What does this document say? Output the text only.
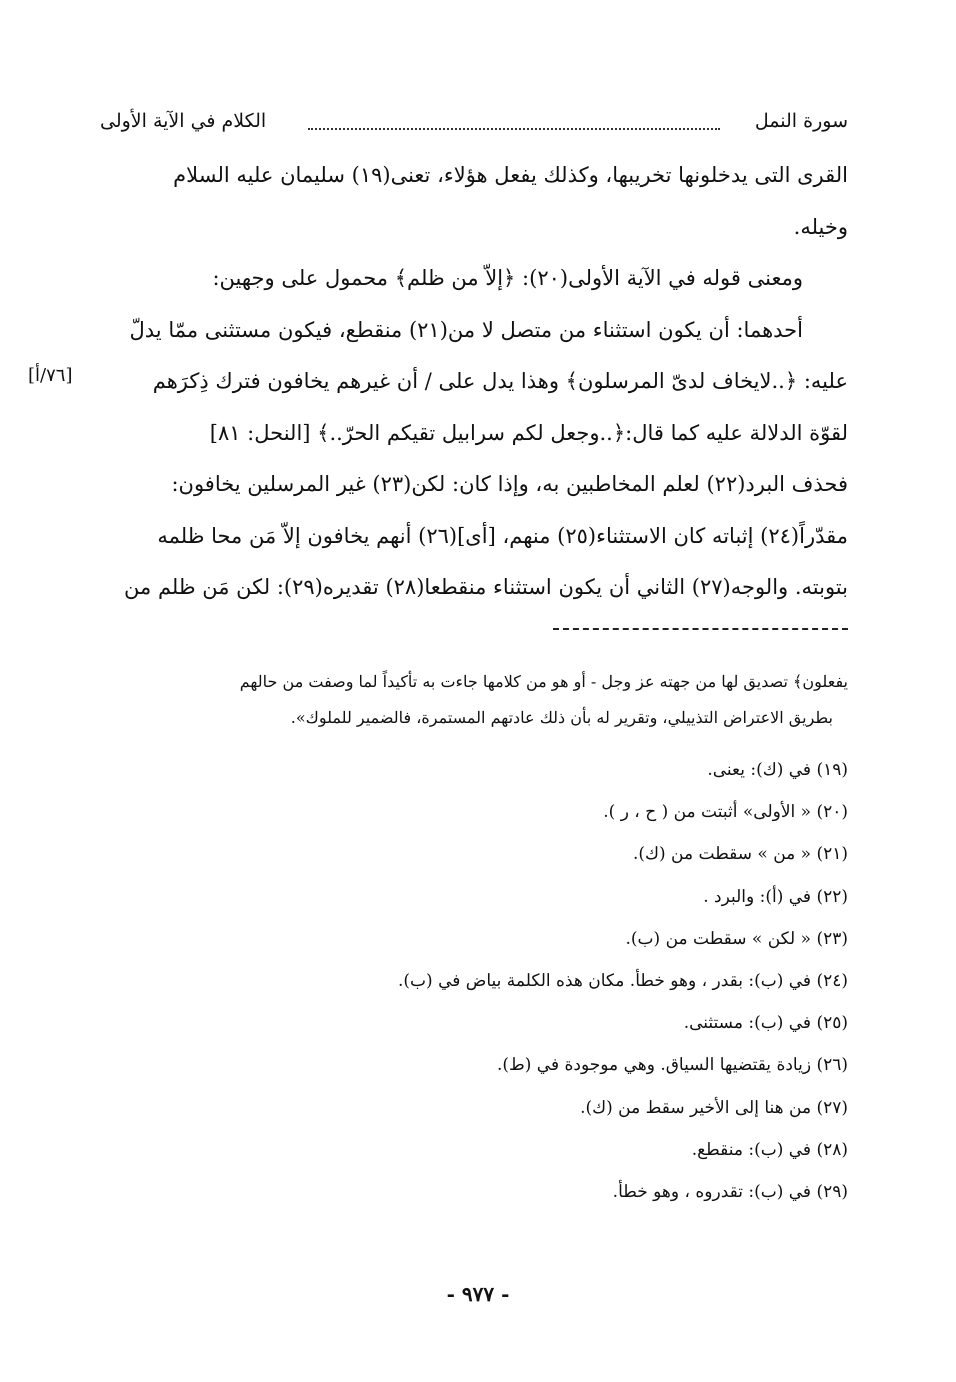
سورة النمل
الكلام في الآية الأولى
القرى التى يدخلونها تخريبها، وكذلك يفعل هؤلاء، تعنى(١٩) سليمان عليه السلام
وخيله.
ومعنى قوله في الآية الأولى(٢٠): ﴿إلاّ من ظلم﴾ محمول على وجهين:
أحدهما: أن يكون استثناء من متصل لا من(٢١) منقطع، فيكون مستثنى ممّا يدلّ
عليه: ﴿..لايخاف لدىّ المرسلون﴾ وهذا يدل على / أن غيرهم يخافون فترك ذِكرَهم
لقوّة الدلالة عليه كما قال:﴿..وجعل لكم سرابيل تقيكم الحرّ..﴾ [النحل: ٨١]
فحذف البرد(٢٢) لعلم المخاطبين به، وإذا كان: لكن(٢٣) غير المرسلين يخافون:
مقدّراً(٢٤) إثباته كان الاستثناء(٢٥) منهم، [أى](٢٦) أنهم يخافون إلاّ مَن محا ظلمه
بتوبته. والوجه(٢٧) الثاني أن يكون استثناء منقطعا(٢٨) تقديره(٢٩): لكن مَن ظلم من
[٧٦/أ]
يفعلون﴾ تصديق لها من جهته عز وجل - أو هو من كلامها جاءت به تأكيداً لما وصفت من حالهم
بطريق الاعتراض التذييلي، وتقرير له بأن ذلك عادتهم المستمرة، فالضمير للملوك».
(١٩) في (ك): يعنى.
(٢٠) « الأولى» أثبتت من ( ح ، ر ).
(٢١) « من » سقطت من (ك).
(٢٢) في (أ): والبرد .
(٢٣) « لكن » سقطت من (ب).
(٢٤) في (ب): بقدر ، وهو خطأ. مكان هذه الكلمة بياض في (ب).
(٢٥) في (ب): مستثنى.
(٢٦) زيادة يقتضيها السياق. وهي موجودة في (ط).
(٢٧) من هنا إلى الأخير سقط من (ك).
(٢٨) في (ب): منقطع.
(٢٩) في (ب): تقدروه ، وهو خطأ.
- ٩٧٧ -
